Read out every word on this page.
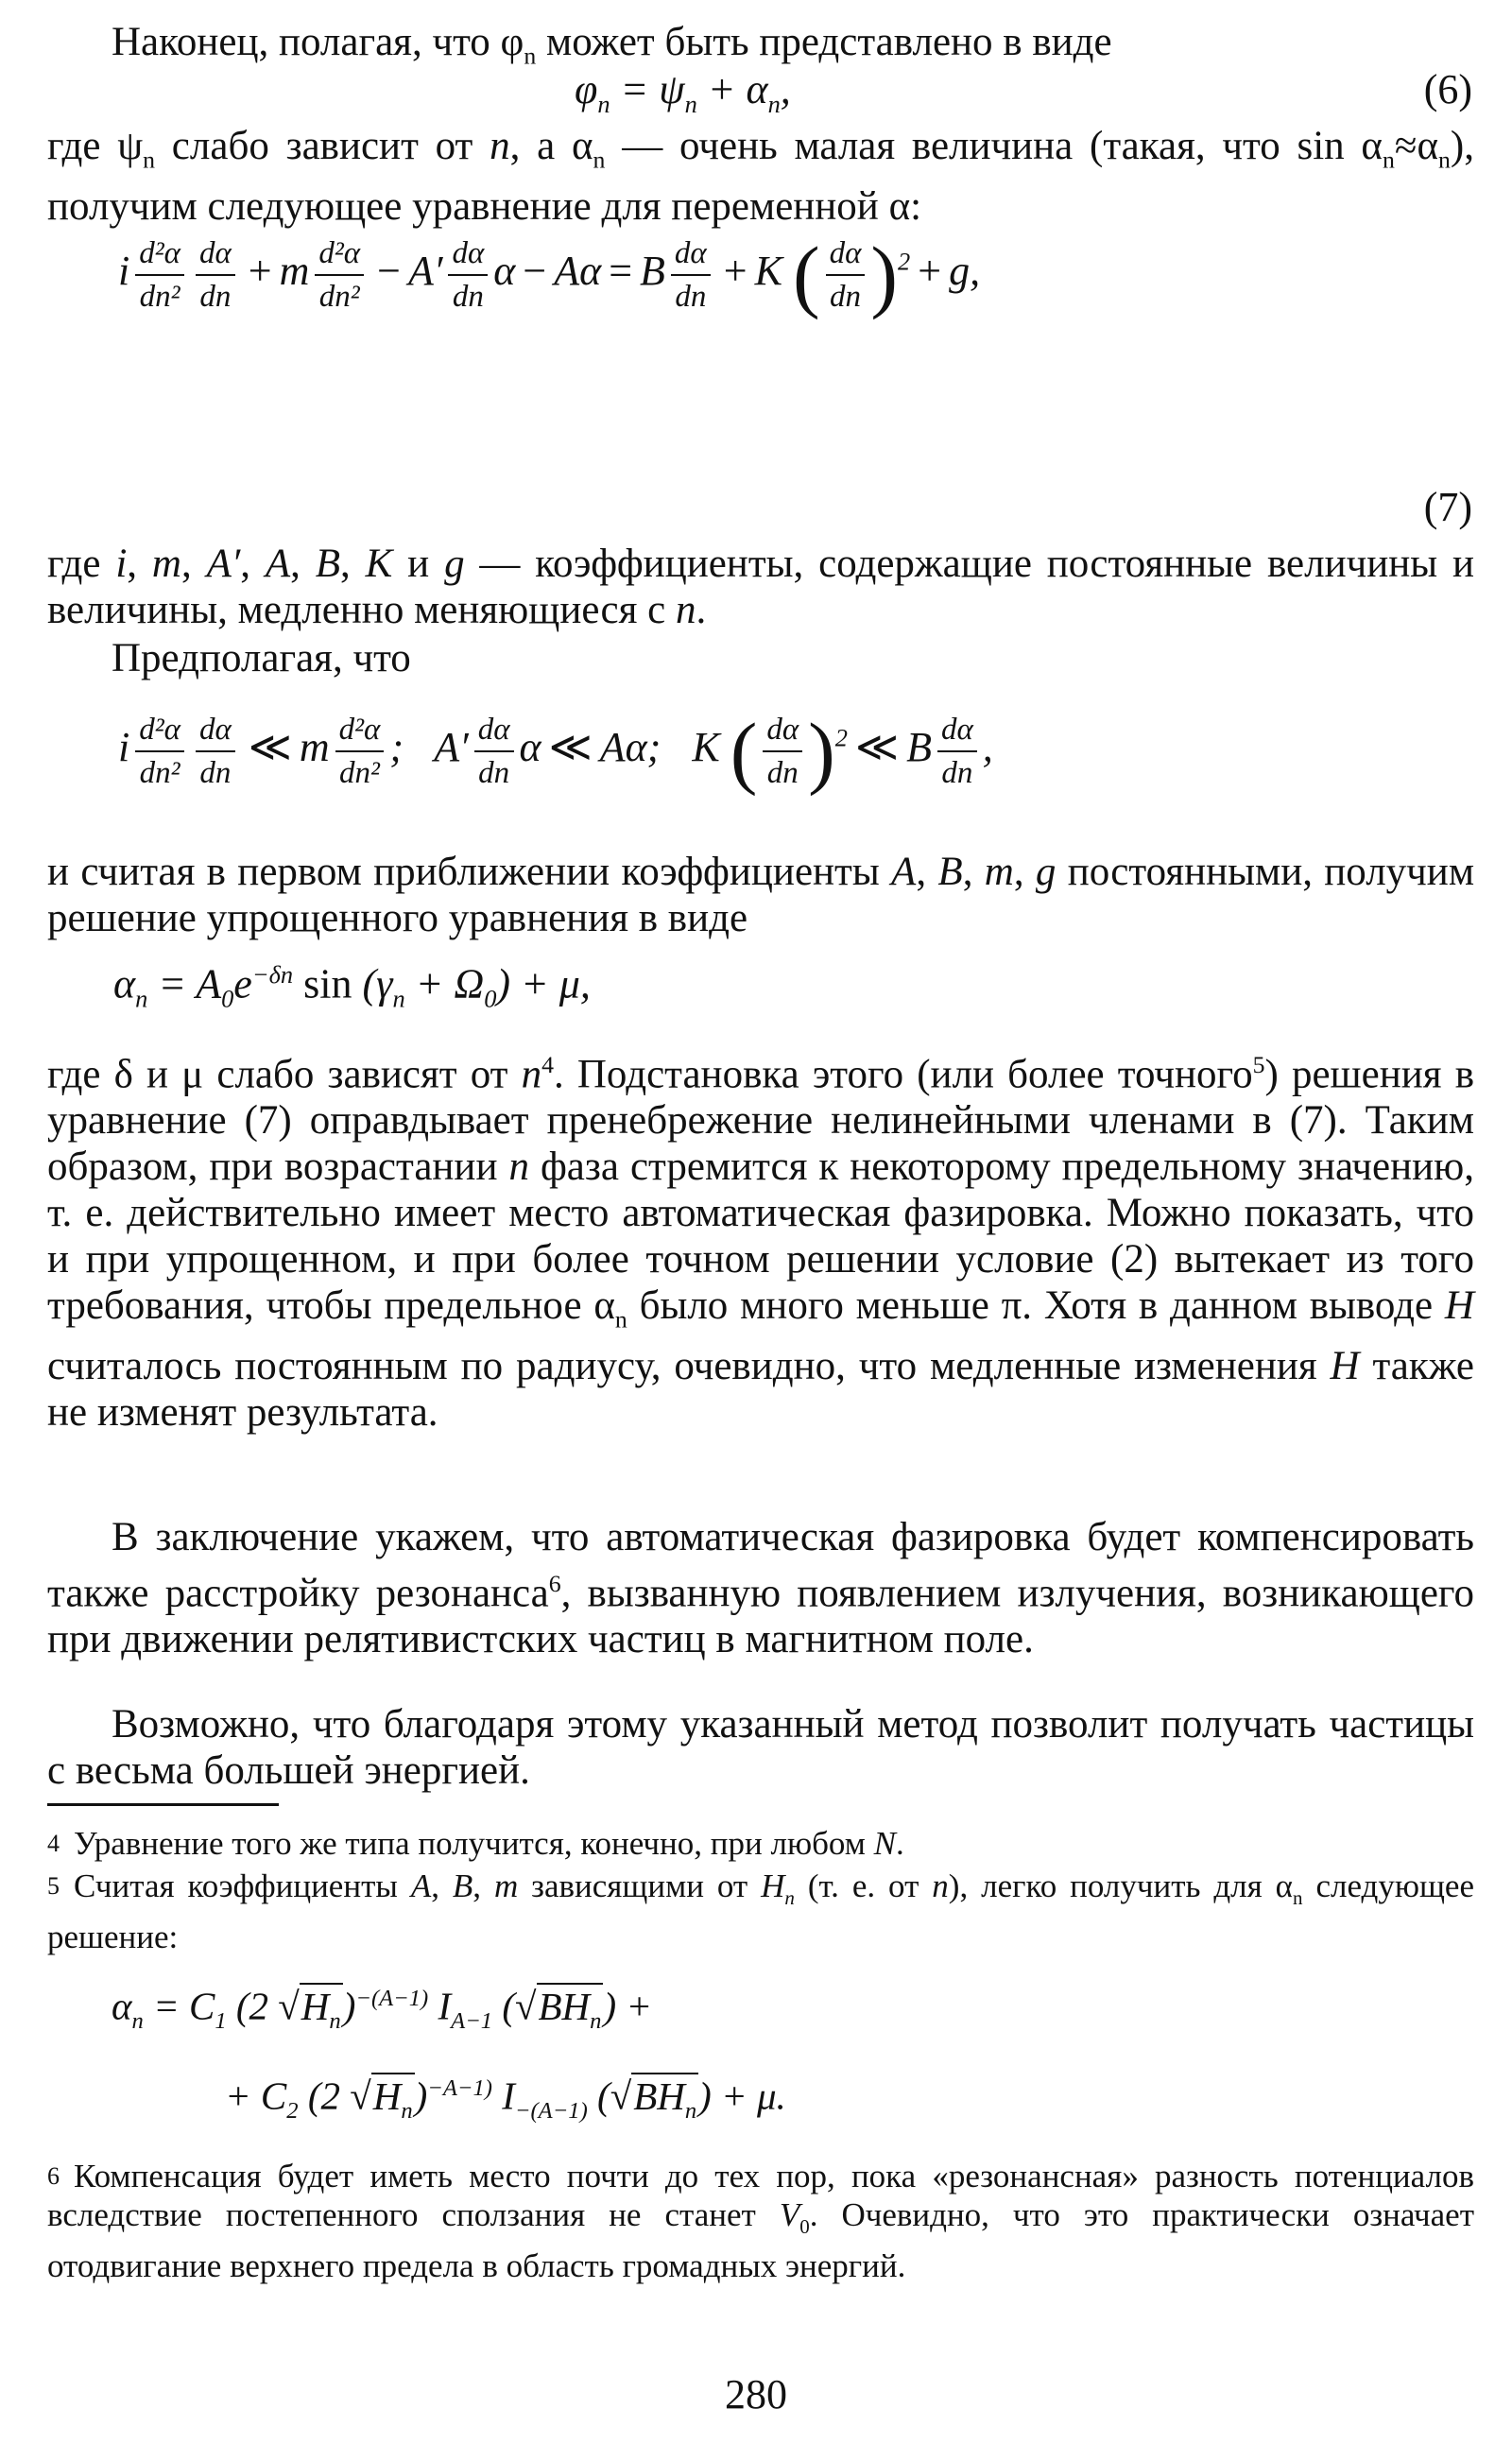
Наконец, полагая, что $\varphi_n$ может быть представлено в виде

$\varphi_n = \psi_n + \alpha_n$,	(6)

где $\psi_n$ слабо зависит от n, а $\alpha_n$ — очень малая величина (такая, что $\sin \alpha_n\approx\alpha_n$), получим следующее уравнение для переменной α:

i $\frac{\text{d²α}}{\text{dn²}} \frac{d\alpha}{dn} + m \frac{\text{d²α}}{\text{dn²}} - A' \frac{d\alpha}{dn}$ α − Aα = B $\frac{d\alpha}{dn} + K$ ( $\frac{d\alpha}{dn} )^2 + g$,
(7)

где i, m, A′, A, B, K и g — коэффициенты, содержащие постоянные величины и величины, медленно меняющиеся с n.

Предполагая, что

i $\frac{\text{d²α}}{\text{dn²}} \frac{d\alpha}{dn}$ ≪ m $\frac{\text{d²α}}{\text{dn²}}$ ;   $A' \frac{d\alpha}{dn}$ α ≪ Aα;   K ( $\frac{d\alpha}{dn} )^2$ ≪ B $\frac{d\alpha}{dn}$ ,

и считая в первом приближении коэффициенты A, B, m, g постоянными, получим решение упрощенного уравнения в виде

$\alpha_n = A_0e^{-\delta n}$ $\sin (\gamma_n + \Omega_0) + \mu$,

где δ и μ слабо зависят от $n^4$. Подстановка этого (или более точного$^5$) решения в уравнение (7) оправдывает пренебрежение нелинейными членами в (7). Таким образом, при возрастании n фаза стремится к некоторому предельному значению, т. е. действительно имеет место автоматическая фазировка. Можно показать, что и при упрощенном, и при более точном решении условие (2) вытекает из того требования, чтобы предельное $\alpha_n$ было много меньше π. Хотя в данном выводе H считалось постоянным по радиусу, очевидно, что медленные изменения H также не изменят результата.

В заключение укажем, что автоматическая фазировка будет компенсировать также расстройку резонанса$^6$, вызванную появлением излучения, возникающего при движении релятивистских частиц в магнитном поле.

Возможно, что благодаря этому указанный метод позволит получать частицы с весьма большей энергией.

4 Уравнение того же типа получится, конечно, при любом N.

5 Считая коэффициенты A, B, m зависящими от $H_n$ (т. е. от n), легко получить для $\alpha_n$ следующее решение:

$\alpha_n = C_1$ (2 $√H_n)^{-(A-1)}$ $I_{A-1}$ $(√BH_n)$ +
+ $C_2$ (2 $√H_n)^{-A-1)}$ $I_{-(A-1)}$ $(√BH_n) + \mu$.

6 Компенсация будет иметь место почти до тех пор, пока «резонансная» разность потенциалов вследствие постепенного сползания не станет $V_0$. Очевидно, что это практически означает отодвигание верхнего предела в область громадных энергий.

280
